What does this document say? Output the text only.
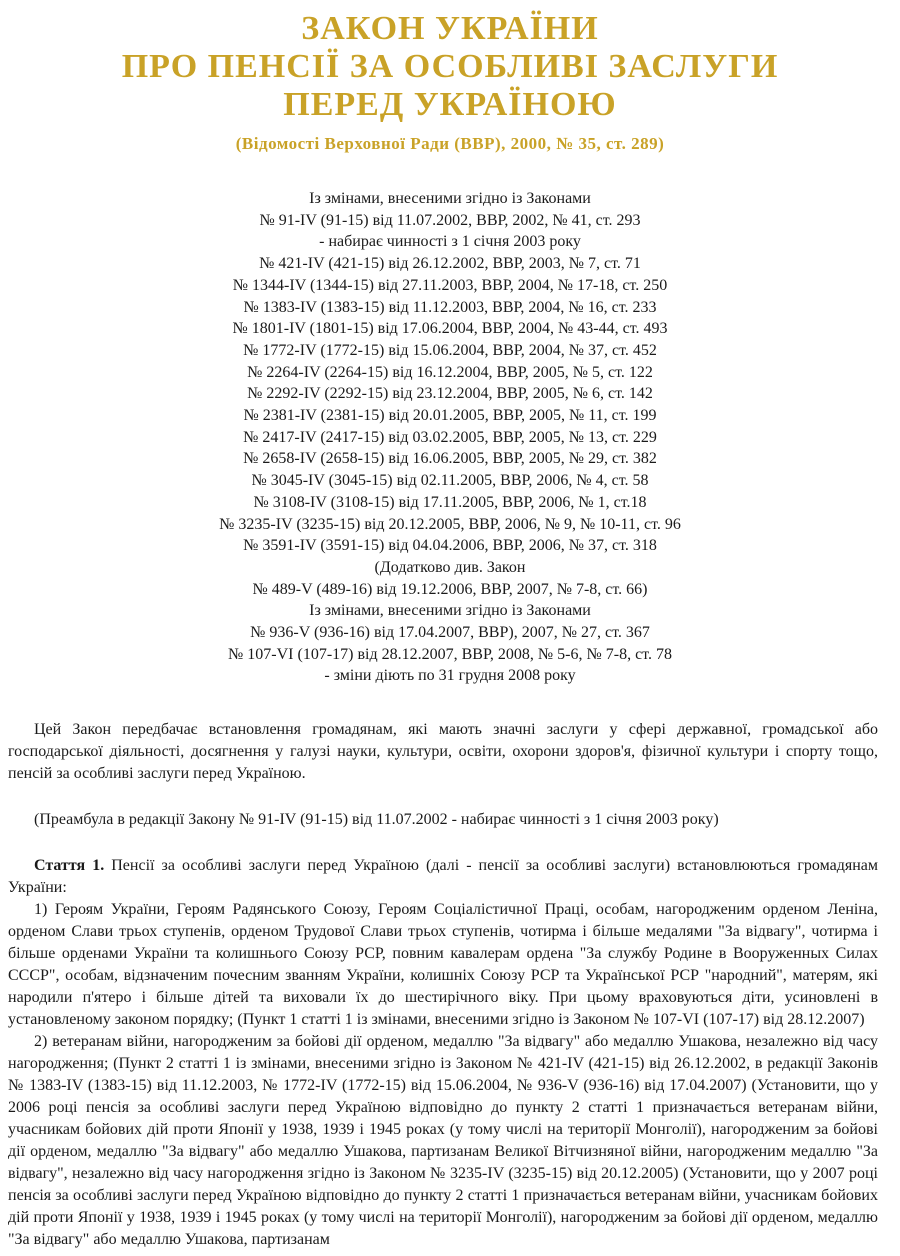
ЗАКОН УКРАЇНИ
ПРО ПЕНСІЇ ЗА ОСОБЛИВІ ЗАСЛУГИ
ПЕРЕД УКРАЇНОЮ
(Відомості Верховної Ради (ВВР), 2000, № 35, ст. 289)
Із змінами, внесеними згідно із Законами
№ 91-IV (91-15) від 11.07.2002, ВВР, 2002, № 41, ст. 293
- набирає чинності з 1 січня 2003 року
№ 421-IV (421-15) від 26.12.2002, ВВР, 2003, № 7, ст. 71
№ 1344-IV (1344-15) від 27.11.2003, ВВР, 2004, № 17-18, ст. 250
№ 1383-IV (1383-15) від 11.12.2003, ВВР, 2004, № 16, ст. 233
№ 1801-IV (1801-15) від 17.06.2004, ВВР, 2004, № 43-44, ст. 493
№ 1772-IV (1772-15) від 15.06.2004, ВВР, 2004, № 37, ст. 452
№ 2264-IV (2264-15) від 16.12.2004, ВВР, 2005, № 5, ст. 122
№ 2292-IV (2292-15) від 23.12.2004, ВВР, 2005, № 6, ст. 142
№ 2381-IV (2381-15) від 20.01.2005, ВВР, 2005, № 11, ст. 199
№ 2417-IV (2417-15) від 03.02.2005, ВВР, 2005, № 13, ст. 229
№ 2658-IV (2658-15) від 16.06.2005, ВВР, 2005, № 29, ст. 382
№ 3045-IV (3045-15) від 02.11.2005, ВВР, 2006, № 4, ст. 58
№ 3108-IV (3108-15) від 17.11.2005, ВВР, 2006, № 1, ст.18
№ 3235-IV (3235-15) від 20.12.2005, ВВР, 2006, № 9, № 10-11, ст. 96
№ 3591-IV (3591-15) від 04.04.2006, ВВР, 2006, № 37, ст. 318
(Додатково див. Закон
№ 489-V (489-16) від 19.12.2006, ВВР, 2007, № 7-8, ст. 66)
Із змінами, внесеними згідно із Законами
№ 936-V (936-16) від 17.04.2007, ВВР), 2007, № 27, ст. 367
№ 107-VI (107-17) від 28.12.2007, ВВР, 2008, № 5-6, № 7-8, ст. 78
- зміни діють по 31 грудня 2008 року

Цей Закон передбачає встановлення громадянам, які мають значні заслуги у сфері державної, громадської або господарської діяльності, досягнення у галузі науки, культури, освіти, охорони здоров'я, фізичної культури і спорту тощо, пенсій за особливі заслуги перед Україною.

(Преамбула в редакції Закону № 91-IV (91-15) від 11.07.2002 - набирає чинності з 1 січня 2003 року)

Стаття 1. Пенсії за особливі заслуги перед Україною (далі - пенсії за особливі заслуги) встановлюються громадянам України:

1) Героям України, Героям Радянського Союзу, Героям Соціалістичної Праці, особам, нагородженим орденом Леніна, орденом Слави трьох ступенів, орденом Трудової Слави трьох ступенів, чотирма і більше медалями "За відвагу", чотирма і більше орденами України та колишнього Союзу РСР, повним кавалерам ордена "За службу Родине в Вооруженных Силах СССР", особам, відзначеним почесним званням України, колишніх Союзу РСР та Української РСР "народний", матерям, які народили п'ятеро і більше дітей та виховали їх до шестирічного віку. При цьому враховуються діти, усиновлені в установленому законом порядку; (Пункт 1 статті 1 із змінами, внесеними згідно із Законом № 107-VI (107-17) від 28.12.2007)

2) ветеранам війни, нагородженим за бойові дії орденом, медаллю "За відвагу" або медаллю Ушакова, незалежно від часу нагородження; (Пункт 2 статті 1 із змінами, внесеними згідно із Законом № 421-IV (421-15) від 26.12.2002, в редакції Законів № 1383-IV (1383-15) від 11.12.2003, № 1772-IV (1772-15) від 15.06.2004, № 936-V (936-16) від 17.04.2007) (Установити, що у 2006 році пенсія за особливі заслуги перед Україною відповідно до пункту 2 статті 1 призначається ветеранам війни, учасникам бойових дій проти Японії у 1938, 1939 і 1945 роках (у тому числі на території Монголії), нагородженим за бойові дії орденом, медаллю "За відвагу" або медаллю Ушакова, партизанам Великої Вітчизняної війни, нагородженим медаллю "За відвагу", незалежно від часу нагородження згідно із Законом № 3235-IV (3235-15) від 20.12.2005) (Установити, що у 2007 році пенсія за особливі заслуги перед Україною відповідно до пункту 2 статті 1 призначається ветеранам війни, учасникам бойових дій проти Японії у 1938, 1939 і 1945 роках (у тому числі на території Монголії), нагородженим за бойові дії орденом, медаллю "За відвагу" або медаллю Ушакова, партизанам
